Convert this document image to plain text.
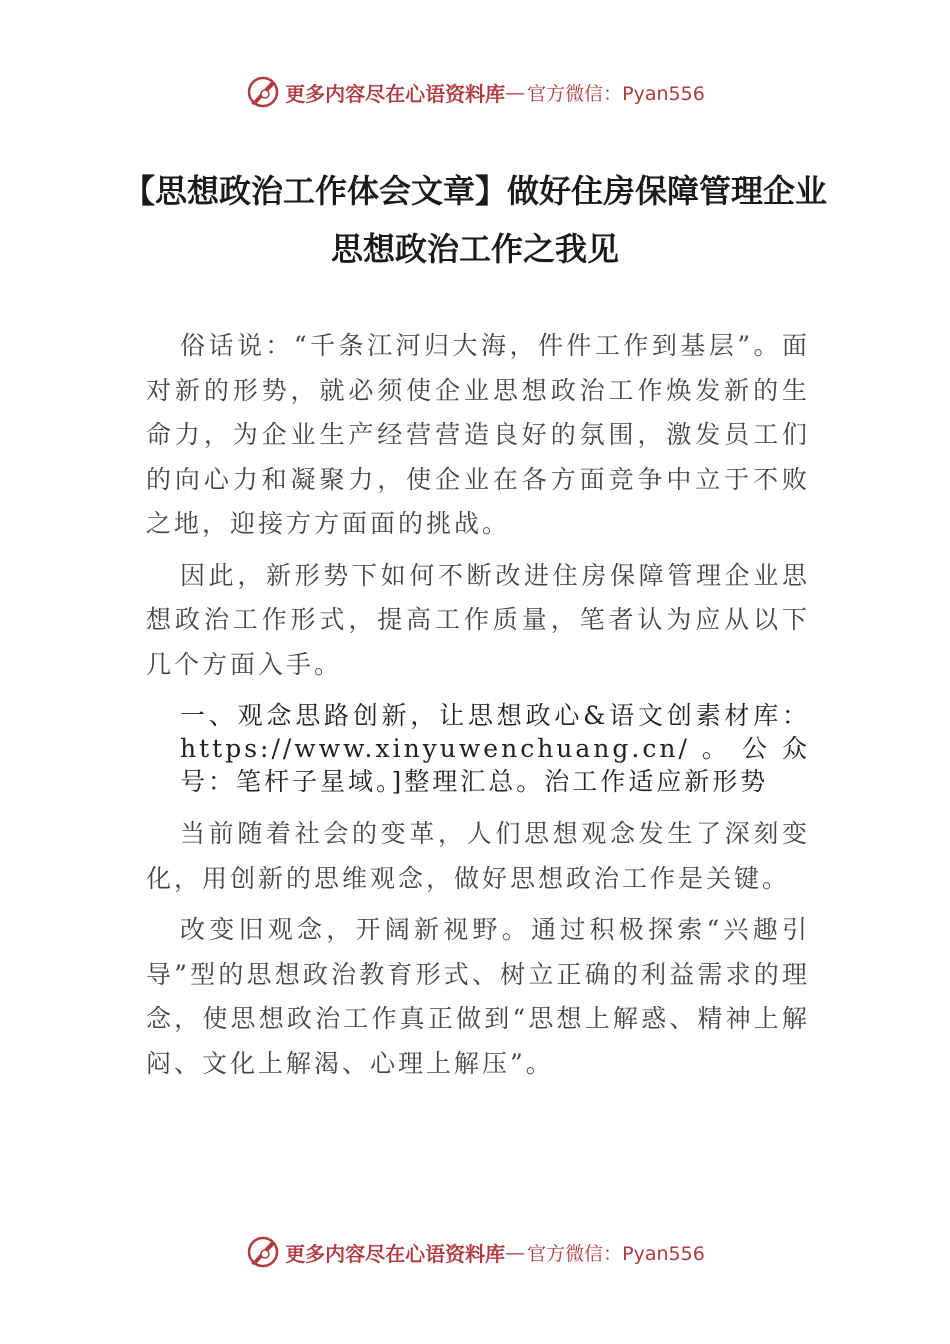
更多内容尽在心语资料库 — 官方微信：Pyan556
【思想政治工作体会文章】做好住房保障管理企业思想政治工作之我见

俗话说：“千条江河归大海，件件工作到基层”。面对新的形势，就必须使企业思想政治工作焕发新的生命力，为企业生产经营营造良好的氛围，激发员工们的向心力和凝聚力，使企业在各方面竞争中立于不败之地，迎接方方面面的挑战。

因此，新形势下如何不断改进住房保障管理企业思想政治工作形式，提高工作质量，笔者认为应从以下几个方面入手。

一、观念思路创新，让思想政心&语文创素材库：https://www.xinyuwenchuang.cn/。公众号：笔杆子星域。]整理汇总。治工作适应新形势

当前随着社会的变革，人们思想观念发生了深刻变化，用创新的思维观念，做好思想政治工作是关键。

改变旧观念，开阔新视野。通过积极探索“兴趣引导”型的思想政治教育形式、树立正确的利益需求的理念，使思想政治工作真正做到“思想上解惑、精神上解闷、文化上解渴、心理上解压”。

更多内容尽在心语资料库 — 官方微信：Pyan556
